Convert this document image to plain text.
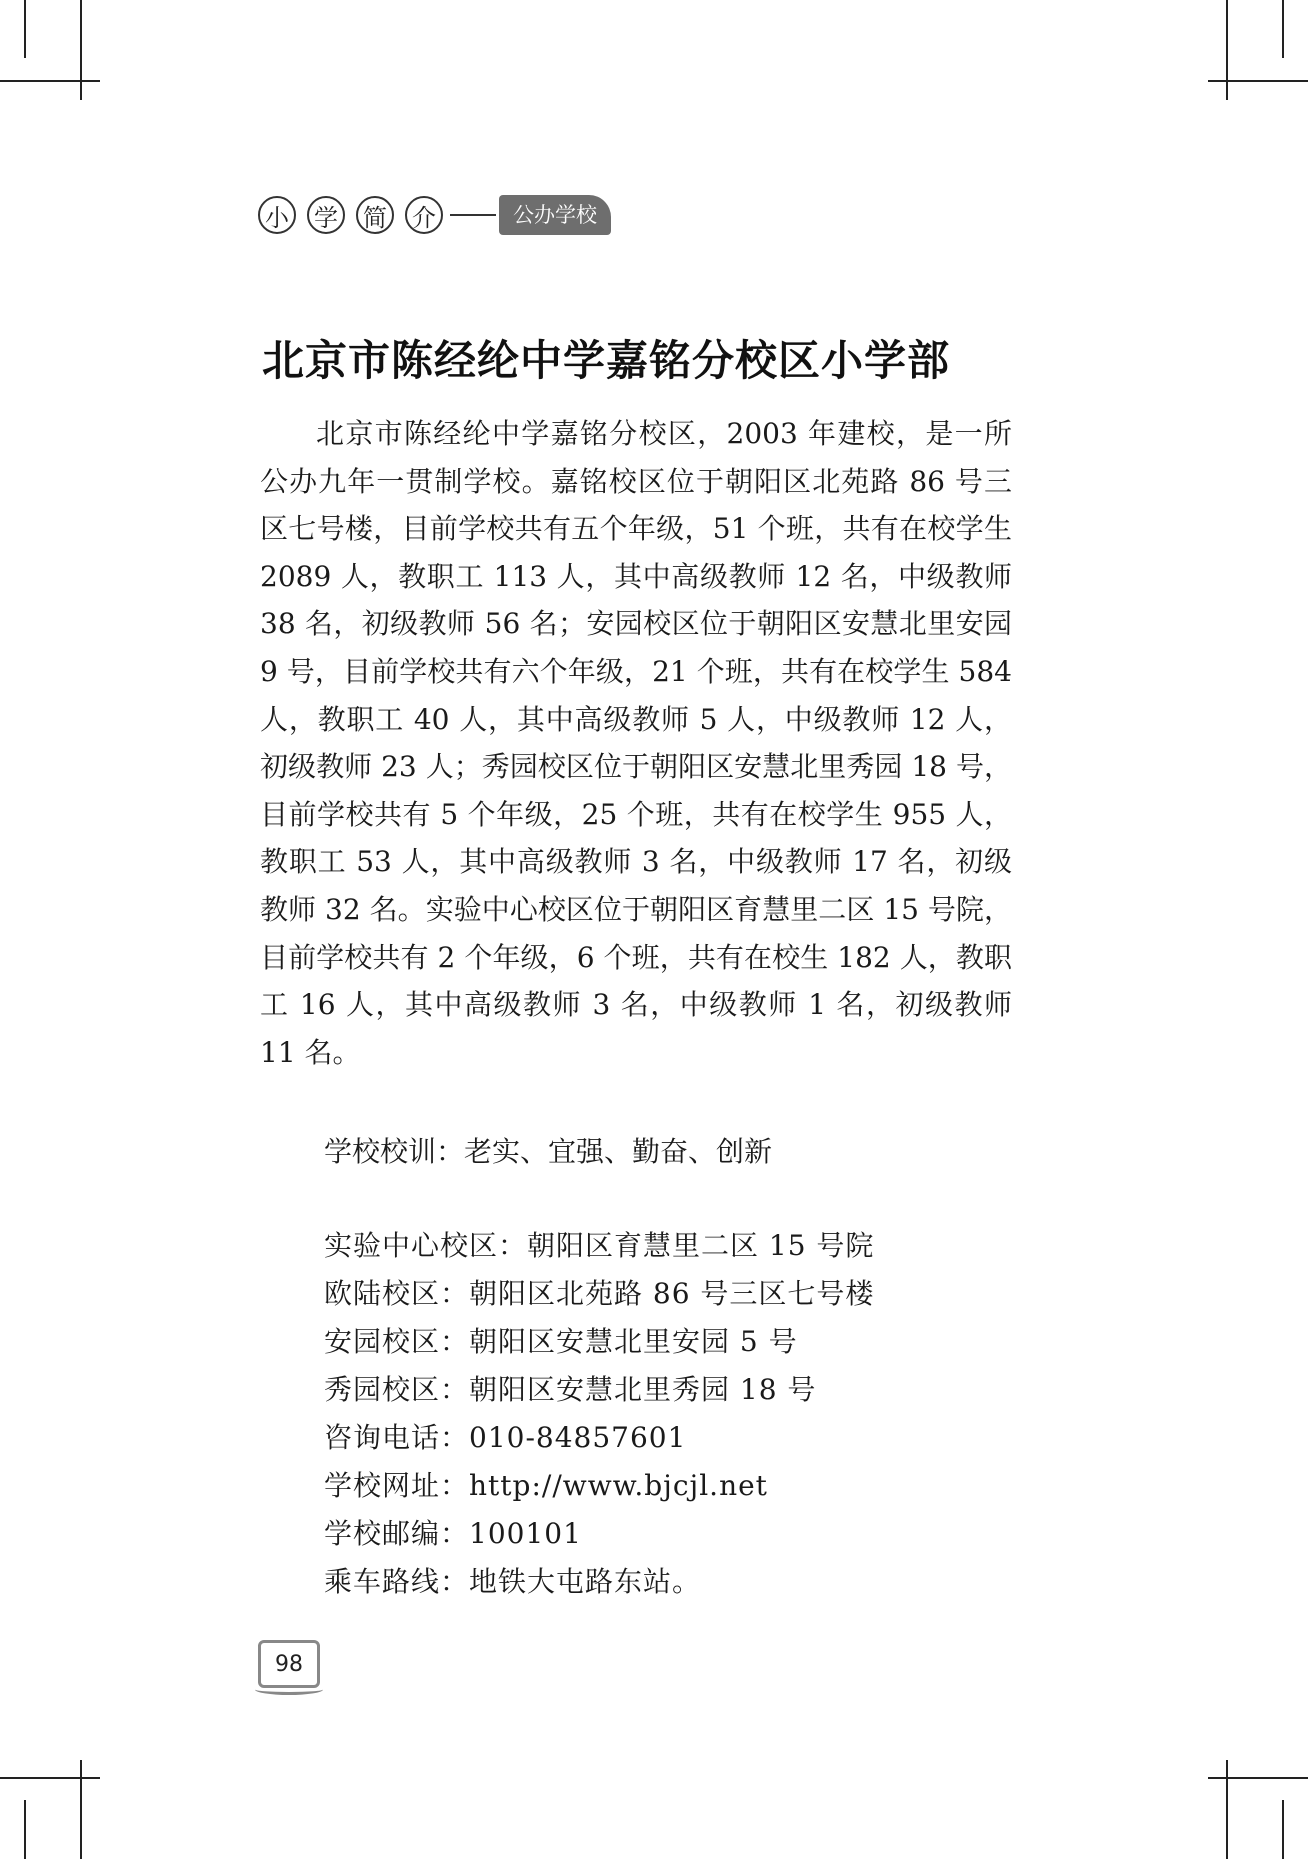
小 学 简 介	公办学校
北京市陈经纶中学嘉铭分校区小学部
北京市陈经纶中学嘉铭分校区，2003 年建校，是一所公办九年一贯制学校。嘉铭校区位于朝阳区北苑路 86 号三区七号楼，目前学校共有五个年级，51 个班，共有在校学生 2089 人，教职工 113 人，其中高级教师 12 名，中级教师 38 名，初级教师 56 名；安园校区位于朝阳区安慧北里安园 9 号，目前学校共有六个年级，21 个班，共有在校学生 584 人，教职工 40 人，其中高级教师 5 人，中级教师 12 人，初级教师 23 人；秀园校区位于朝阳区安慧北里秀园 18 号，目前学校共有 5 个年级，25 个班，共有在校学生 955 人，教职工 53 人，其中高级教师 3 名，中级教师 17 名，初级教师 32 名。实验中心校区位于朝阳区育慧里二区 15 号院，目前学校共有 2 个年级，6 个班，共有在校生 182 人，教职工 16 人，其中高级教师 3 名，中级教师 1 名，初级教师 11 名。
学校校训：老实、宜强、勤奋、创新
实验中心校区：朝阳区育慧里二区 15 号院
欧陆校区：朝阳区北苑路 86 号三区七号楼
安园校区：朝阳区安慧北里安园 5 号
秀园校区：朝阳区安慧北里秀园 18 号
咨询电话：010-84857601
学校网址：http://www.bjcjl.net
学校邮编：100101
乘车路线：地铁大屯路东站。
98
